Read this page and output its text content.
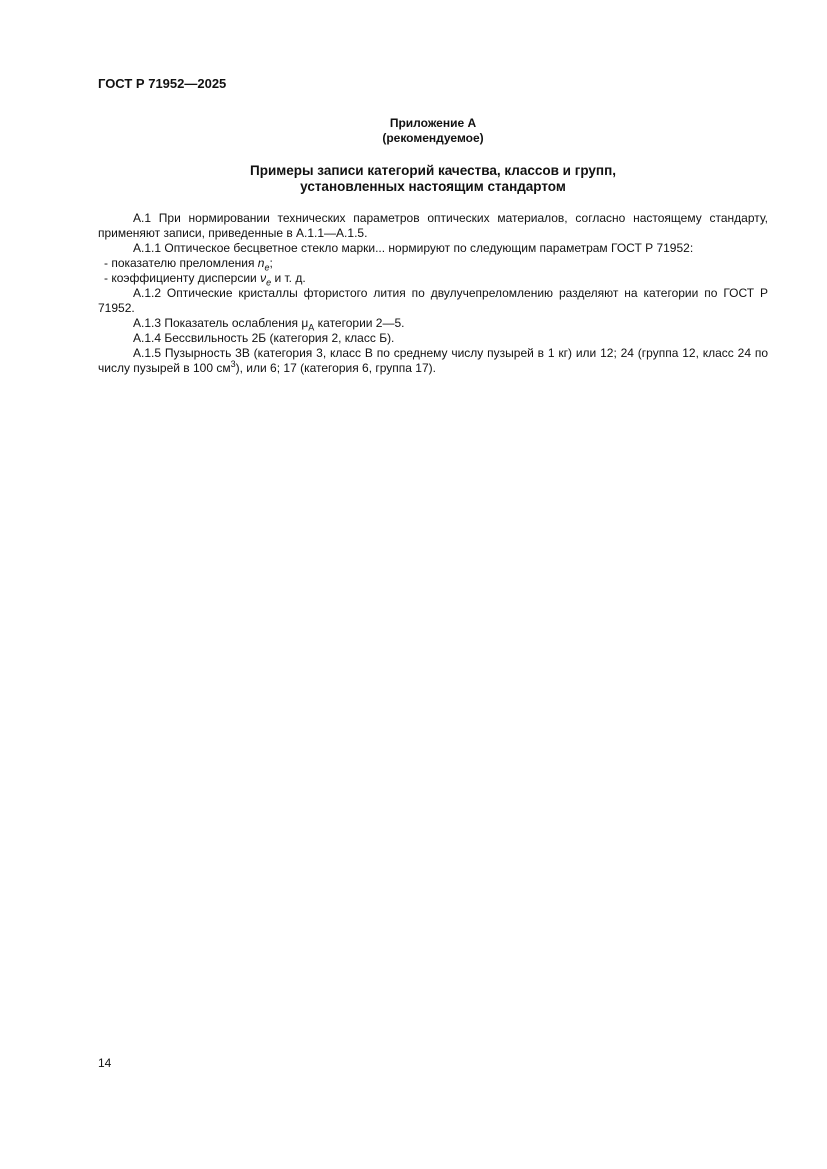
ГОСТ Р 71952—2025
Приложение А
(рекомендуемое)
Примеры записи категорий качества, классов и групп,
установленных настоящим стандартом

А.1 При нормировании технических параметров оптических материалов, согласно настоящему стандарту, применяют записи, приведенные в А.1.1—А.1.5.

А.1.1 Оптическое бесцветное стекло марки... нормируют по следующим параметрам ГОСТ Р 71952:

- показателю преломления $n_e$;

- коэффициенту дисперсии $\nu_e$ и т. д.

А.1.2 Оптические кристаллы фтористого лития по двулучепреломлению разделяют на категории по ГОСТ Р 71952.

А.1.3 Показатель ослабления $\mu_A$ категории 2—5.

А.1.4 Бессвильность 2Б (категория 2, класс Б).

А.1.5 Пузырность 3В (категория 3, класс В по среднему числу пузырей в 1 кг) или 12; 24 (группа 12, класс 24 по числу пузырей в 100 $см^3$), или 6; 17 (категория 6, группа 17).

14
